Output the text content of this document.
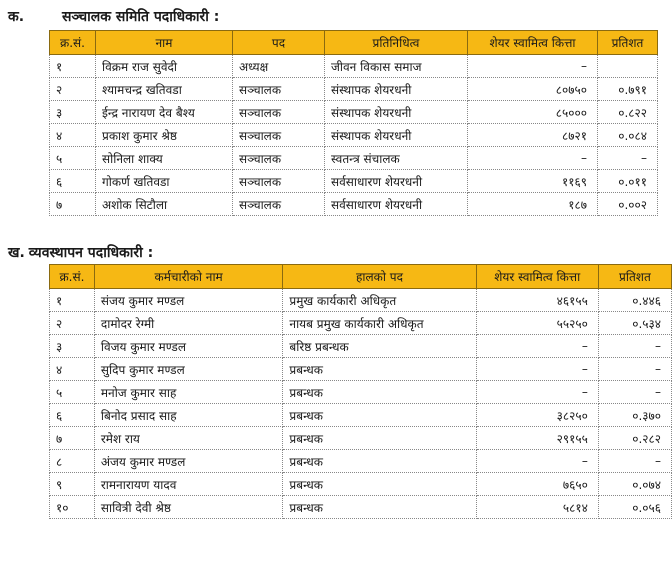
क.	सञ्चालक समिति पदाधिकारी :
क्र.सं.	नाम	पद	प्रतिनिधित्व	शेयर स्वामित्व कित्ता	प्रतिशत
१	विक्रम राज सुवेदी	अध्यक्ष	जीवन विकास समाज	–	
२	श्यामचन्द्र खतिवडा	सञ्चालक	संस्थापक शेयरधनी	८०७५०	०.७९१
३	ईन्द्र नारायण देव बैश्य	सञ्चालक	संस्थापक शेयरधनी	८५०००	०.८२२
४	प्रकाश कुमार श्रेष्ठ	सञ्चालक	संस्थापक शेयरधनी	८७२१	०.०८४
५	सोनिला शाक्य	सञ्चालक	स्वतन्त्र संचालक	–	–
६	गोकर्ण खतिवडा	सञ्चालक	सर्वसाधारण शेयरधनी	११६९	०.०११
७	अशोक सिटौला	सञ्चालक	सर्वसाधारण शेयरधनी	१८७	०.००२
ख. व्यवस्थापन पदाधिकारी :
क्र.सं.	कर्मचारीको नाम	हालको पद	शेयर स्वामित्व कित्ता	प्रतिशत
१	संजय कुमार मण्डल	प्रमुख कार्यकारी अधिकृत	४६१५५	०.४४६
२	दामोदर रेग्मी	नायब प्रमुख कार्यकारी अधिकृत	५५२५०	०.५३४
३	विजय कुमार मण्डल	बरिष्ठ प्रबन्धक	–	–
४	सुदिप कुमार मण्डल	प्रबन्धक	–	–
५	मनोज कुमार साह	प्रबन्धक	–	–
६	बिनोद प्रसाद साह	प्रबन्धक	३८२५०	०.३७०
७	रमेश राय	प्रबन्धक	२९१५५	०.२८२
८	अंजय कुमार मण्डल	प्रबन्धक	–	–
९	रामनारायण यादव	प्रबन्धक	७६५०	०.०७४
१०	सावित्री देवी श्रेष्ठ	प्रबन्धक	५८१४	०.०५६
